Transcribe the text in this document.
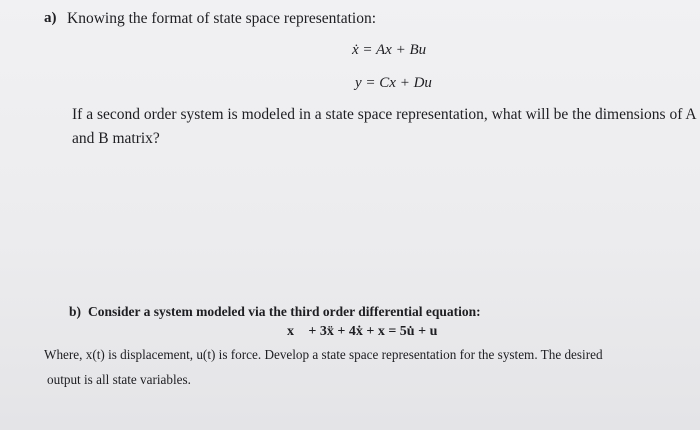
a) Knowing the format of state space representation:
ẋ = Ax + Bu
y = Cx + Du
If a second order system is modeled in a state space representation, what will be the dimensions of A
and B matrix?
b) Consider a system modeled via the third order differential equation:
x⃛ + 3ẍ + 4ẋ + x = 5u̇ + u
Where, x(t) is displacement, u(t) is force. Develop a state space representation for the system. The desired
output is all state variables.
